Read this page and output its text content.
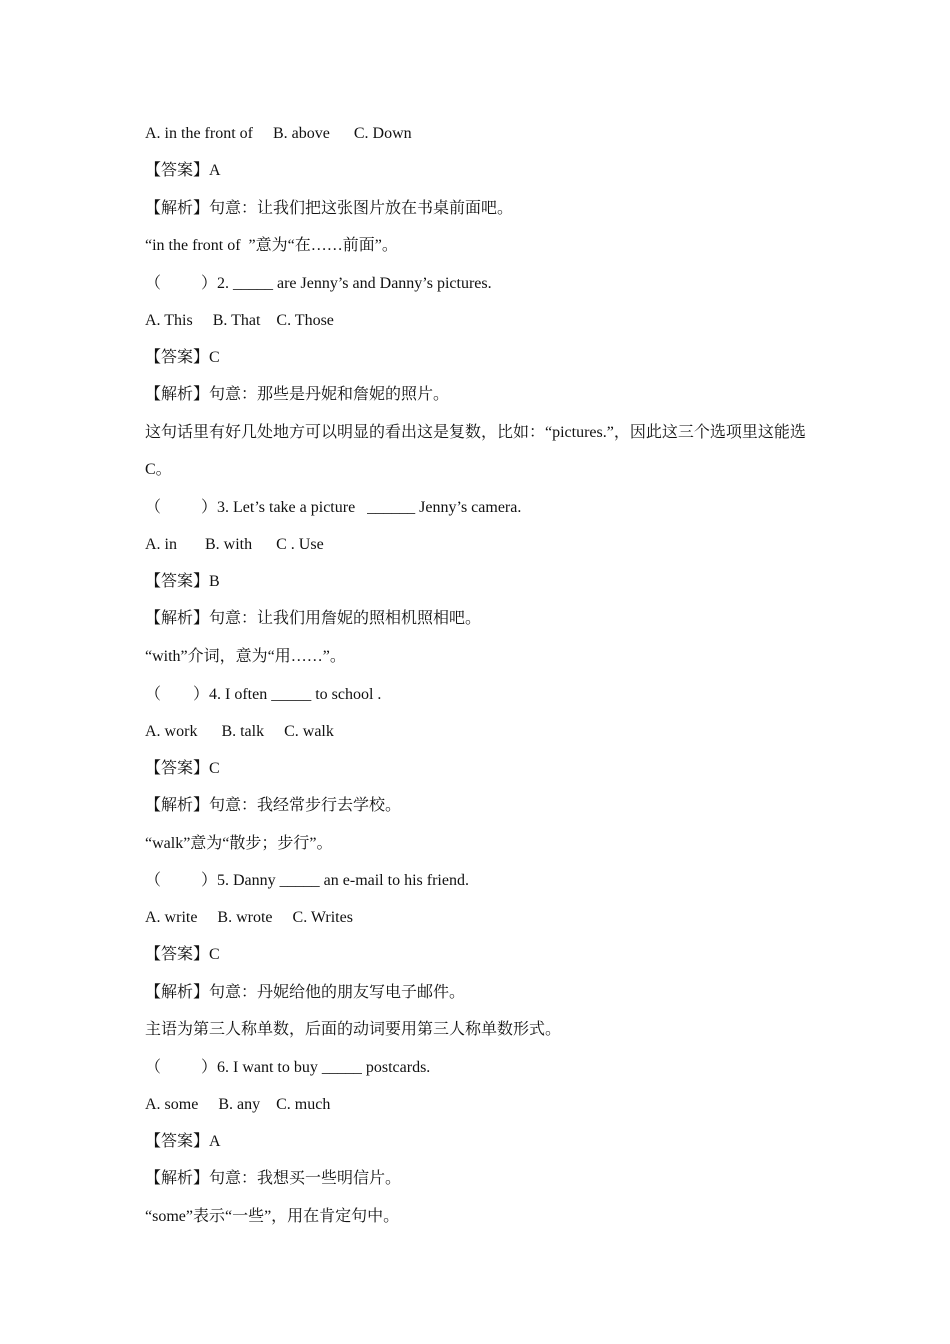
A. in the front of     B. above      C. Down
【答案】A
【解析】句意：让我们把这张图片放在书桌前面吧。
“in the front of  ”意为“在……前面”。
（          ）2. _____ are Jenny’s and Danny’s pictures.
A. This     B. That    C. Those
【答案】C
【解析】句意：那些是丹妮和詹妮的照片。
这句话里有好几处地方可以明显的看出这是复数，比如：“pictures.”，因此这三个选项里这能选 C。
（          ）3. Let’s take a picture   ______ Jenny’s camera.
A. in       B. with      C . Use
【答案】B
【解析】句意：让我们用詹妮的照相机照相吧。
“with”介词，意为“用……”。
（        ）4. I often _____ to school .
A. work      B. talk     C. walk
【答案】C
【解析】句意：我经常步行去学校。
“walk”意为“散步；步行”。
（          ）5. Danny _____ an e-mail to his friend.
A. write     B. wrote     C. Writes
【答案】C
【解析】句意：丹妮给他的朋友写电子邮件。
主语为第三人称单数，后面的动词要用第三人称单数形式。
（          ）6. I want to buy _____ postcards.
A. some     B. any    C. much
【答案】A
【解析】句意：我想买一些明信片。
“some”表示“一些”，用在肯定句中。
